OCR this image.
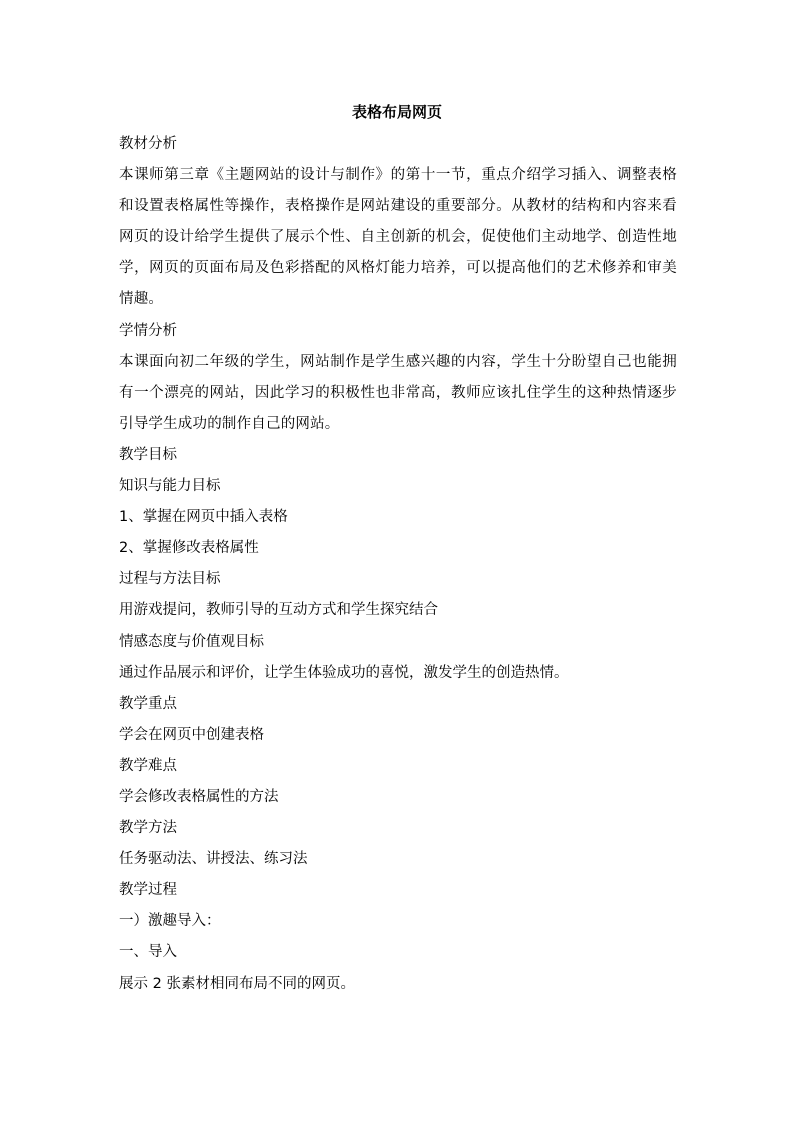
表格布局网页

教材分析

本课师第三章《主题网站的设计与制作》的第十一节，重点介绍学习插入、调整表格和设置表格属性等操作，表格操作是网站建设的重要部分。从教材的结构和内容来看网页的设计给学生提供了展示个性、自主创新的机会，促使他们主动地学、创造性地学，网页的页面布局及色彩搭配的风格灯能力培养，可以提高他们的艺术修养和审美情趣。

学情分析

本课面向初二年级的学生，网站制作是学生感兴趣的内容，学生十分盼望自己也能拥有一个漂亮的网站，因此学习的积极性也非常高，教师应该扎住学生的这种热情逐步引导学生成功的制作自己的网站。

教学目标

知识与能力目标

1、掌握在网页中插入表格

2、掌握修改表格属性

过程与方法目标

用游戏提问，教师引导的互动方式和学生探究结合

情感态度与价值观目标

通过作品展示和评价，让学生体验成功的喜悦，激发学生的创造热情。

教学重点

学会在网页中创建表格

教学难点

学会修改表格属性的方法

教学方法

任务驱动法、讲授法、练习法

教学过程

一）激趣导入：

一、导入

展示 2 张素材相同布局不同的网页。
